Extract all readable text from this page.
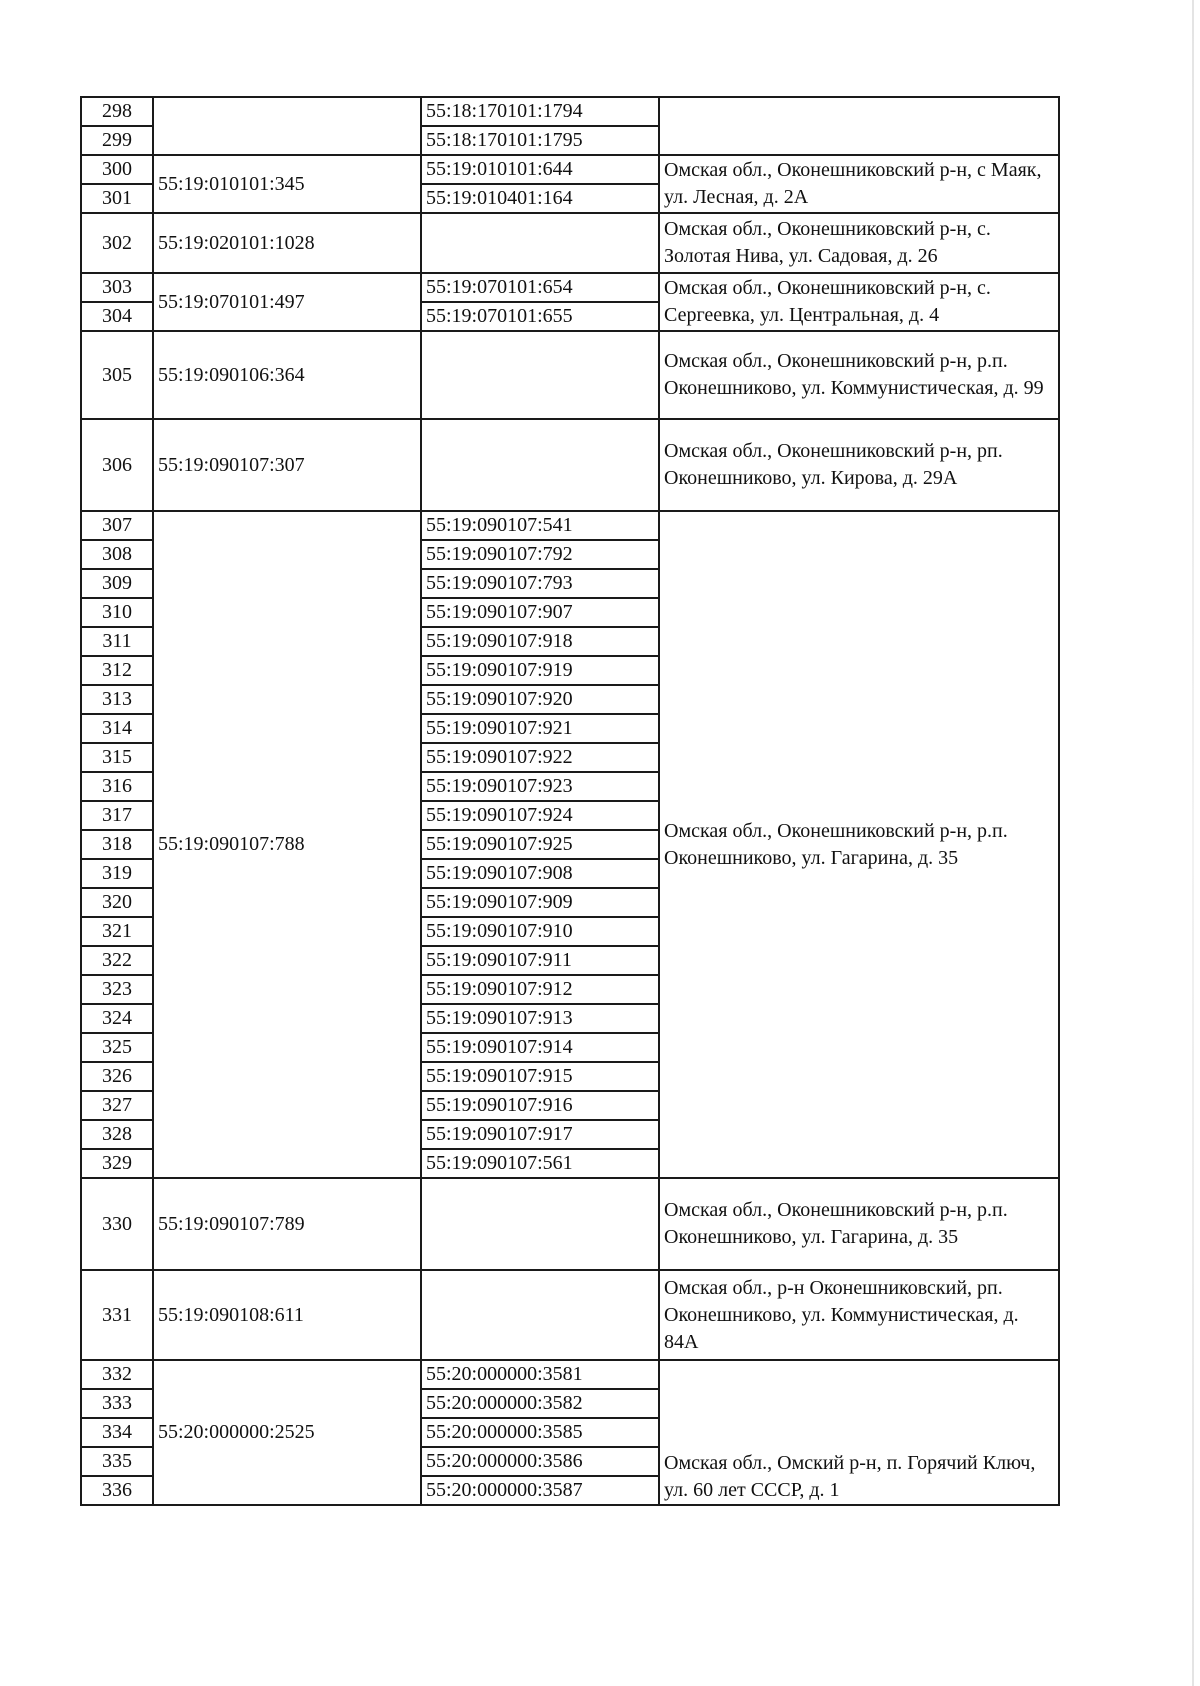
298		55:18:170101:1794	
299		55:18:170101:1795	
300	55:19:010101:345	55:19:010101:644	Омская обл., Оконешниковский р-н, с Маяк, ул. Лесная, д. 2А
301		55:19:010401:164	
302	55:19:020101:1028		Омская обл., Оконешниковский р-н, с. Золотая Нива, ул. Садовая, д. 26
303	55:19:070101:497	55:19:070101:654	Омская обл., Оконешниковский р-н, с. Сергеевка, ул. Центральная, д. 4
304		55:19:070101:655	
305	55:19:090106:364		Омская обл., Оконешниковский р-н, р.п. Оконешниково, ул. Коммунистическая, д. 99
306	55:19:090107:307		Омская обл., Оконешниковский р-н, рп. Оконешниково, ул. Кирова, д. 29А
307	55:19:090107:788	55:19:090107:541	Омская обл., Оконешниковский р-н, р.п. Оконешниково, ул. Гагарина, д. 35
308		55:19:090107:792	
309		55:19:090107:793	
310		55:19:090107:907	
311		55:19:090107:918	
312		55:19:090107:919	
313		55:19:090107:920	
314		55:19:090107:921	
315		55:19:090107:922	
316		55:19:090107:923	
317		55:19:090107:924	
318		55:19:090107:925	
319		55:19:090107:908	
320		55:19:090107:909	
321		55:19:090107:910	
322		55:19:090107:911	
323		55:19:090107:912	
324		55:19:090107:913	
325		55:19:090107:914	
326		55:19:090107:915	
327		55:19:090107:916	
328		55:19:090107:917	
329		55:19:090107:561	
330	55:19:090107:789		Омская обл., Оконешниковский р-н, р.п. Оконешниково, ул. Гагарина, д. 35
331	55:19:090108:611		Омская обл., р-н Оконешниковский, рп. Оконешниково, ул. Коммунистическая, д. 84А
332	55:20:000000:2525	55:20:000000:3581	Омская обл., Омский р-н, п. Горячий Ключ, ул. 60 лет СССР, д. 1
333		55:20:000000:3582	
334		55:20:000000:3585	
335		55:20:000000:3586	
336		55:20:000000:3587	
